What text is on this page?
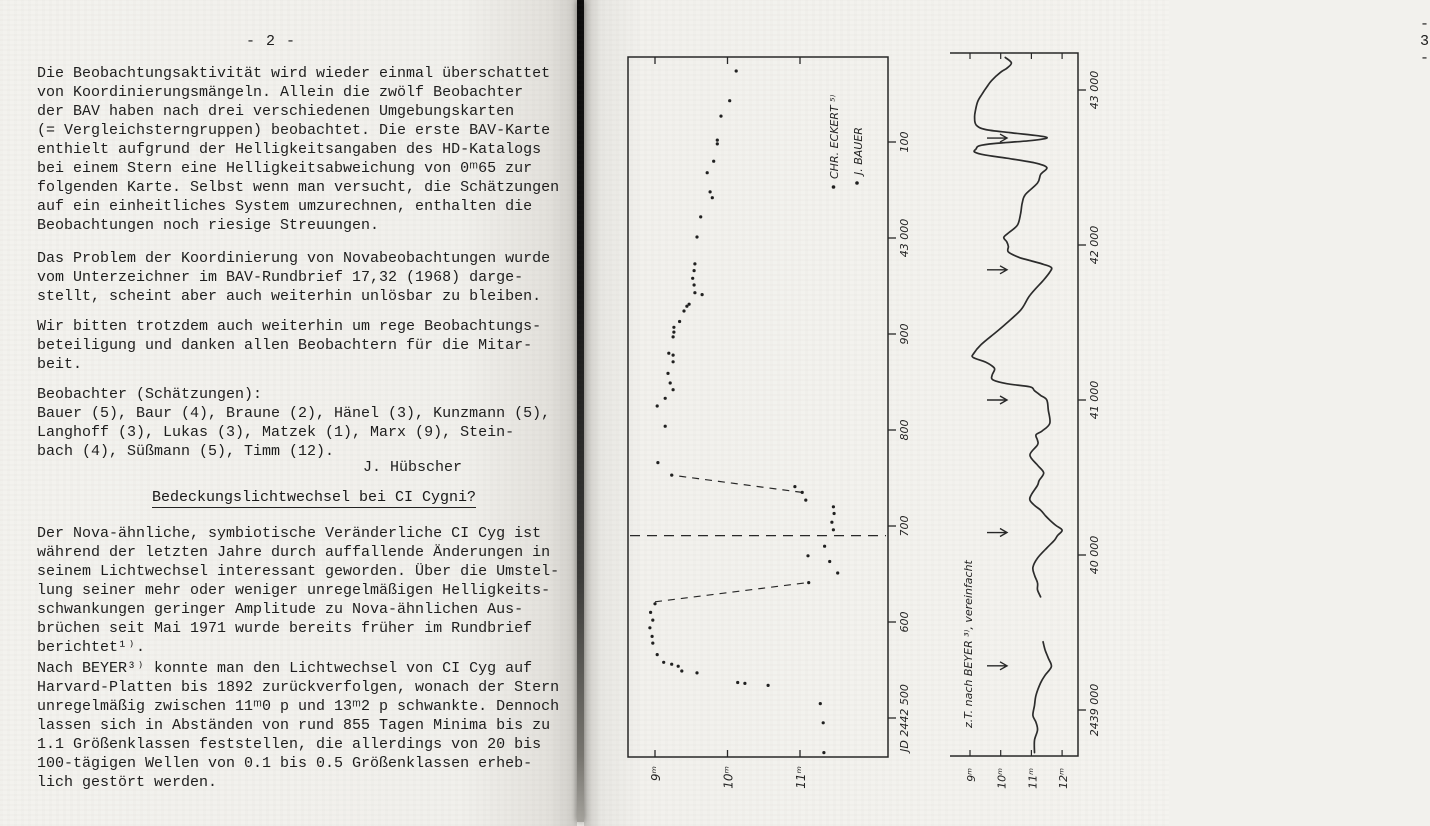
- 2 -
Die Beobachtungsaktivität wird wieder einmal überschattet
von Koordinierungsmängeln. Allein die zwölf Beobachter
der BAV haben nach drei verschiedenen Umgebungskarten
(= Vergleichsterngruppen) beobachtet. Die erste BAV-Karte
enthielt aufgrund der Helligkeitsangaben des HD-Katalogs
bei einem Stern eine Helligkeitsabweichung von 0ᵐ65 zur
folgenden Karte. Selbst wenn man versucht, die Schätzungen
auf ein einheitliches System umzurechnen, enthalten die
Beobachtungen noch riesige Streuungen.
Das Problem der Koordinierung von Novabeobachtungen wurde
vom Unterzeichner im BAV-Rundbrief 17,32 (1968) darge-
stellt, scheint aber auch weiterhin unlösbar zu bleiben.
Wir bitten trotzdem auch weiterhin um rege Beobachtungs-
beteiligung und danken allen Beobachtern für die Mitar-
beit.
Beobachter (Schätzungen):
Bauer (5), Baur (4), Braune (2), Hänel (3), Kunzmann (5),
Langhoff (3), Lukas (3), Matzek (1), Marx (9), Stein-
bach (4), Süßmann (5), Timm (12).
J. Hübscher
Bedeckungslichtwechsel bei CI Cygni?
Der Nova-ähnliche, symbiotische Veränderliche CI Cyg ist
während der letzten Jahre durch auffallende Änderungen in
seinem Lichtwechsel interessant geworden. Über die Umstel-
lung seiner mehr oder weniger unregelmäßigen Helligkeits-
schwankungen geringer Amplitude zu Nova-ähnlichen Aus-
brüchen seit Mai 1971 wurde bereits früher im Rundbrief
berichtet¹⁾.
Nach BEYER³⁾ konnte man den Lichtwechsel von CI Cyg auf
Harvard-Platten bis 1892 zurückverfolgen, wonach der Stern
unregelmäßig zwischen 11ᵐ0 p und 13ᵐ2 p schwankte. Dennoch
lassen sich in Abständen von rund 855 Tagen Minima bis zu
1.1 Größenklassen feststellen, die allerdings von 20 bis
100-tägigen Wellen von 0.1 bis 0.5 Größenklassen erheb-
lich gestört werden.
- 3 -
9ᵐ	10ᵐ	11ᵐ
JD 2442 500
600
700
800
900
43 000
100
CHR. ECKERT ⁵⁾ J. BAUER
9ᵐ 10ᵐ 11ᵐ 12ᵐ
43 000
42 000
41 000
40 000
2439 000
z.T. nach BEYER ³⁾, vereinfacht
